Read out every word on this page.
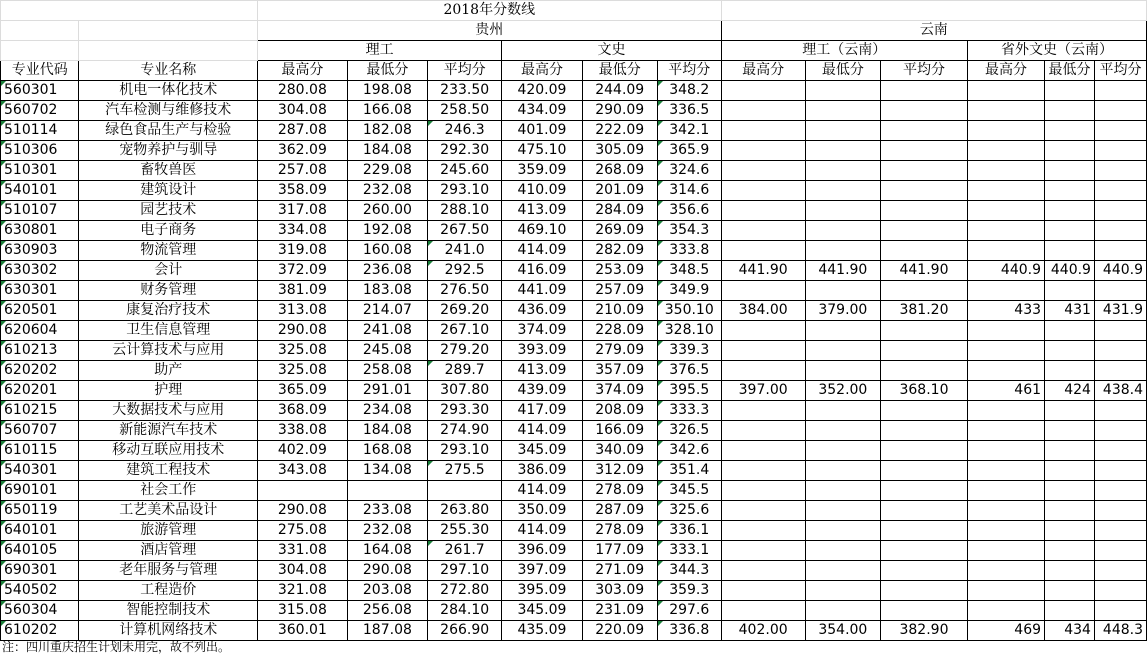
		2018年分数线											
		贵州						云南					
		理工			文史			理工（云南）			省外文史（云南）		
专业代码	专业名称	最高分	最低分	平均分	最高分	最低分	平均分	最高分	最低分	平均分	最高分	最低分	平均分
560301	机电一体化技术	280.08	198.08	233.50	420.09	244.09	348.2						
560702	汽车检测与维修技术	304.08	166.08	258.50	434.09	290.09	336.5						
510114	绿色食品生产与检验	287.08	182.08	246.3	401.09	222.09	342.1						
510306	宠物养护与驯导	362.09	184.08	292.30	475.10	305.09	365.9						
510301	畜牧兽医	257.08	229.08	245.60	359.09	268.09	324.6						
540101	建筑设计	358.09	232.08	293.10	410.09	201.09	314.6						
510107	园艺技术	317.08	260.00	288.10	413.09	284.09	356.6						
630801	电子商务	334.08	192.08	267.50	469.10	269.09	354.3						
630903	物流管理	319.08	160.08	241.0	414.09	282.09	333.8						
630302	会计	372.09	236.08	292.5	416.09	253.09	348.5	441.90	441.90	441.90	440.9	440.9	440.9
630301	财务管理	381.09	183.08	276.50	441.09	257.09	349.9						
620501	康复治疗技术	313.08	214.07	269.20	436.09	210.09	350.10	384.00	379.00	381.20	433	431	431.9
620604	卫生信息管理	290.08	241.08	267.10	374.09	228.09	328.10						
610213	云计算技术与应用	325.08	245.08	279.20	393.09	279.09	339.3						
620202	助产	325.08	258.08	289.7	413.09	357.09	376.5						
620201	护理	365.09	291.01	307.80	439.09	374.09	395.5	397.00	352.00	368.10	461	424	438.4
610215	大数据技术与应用	368.09	234.08	293.30	417.09	208.09	333.3						
560707	新能源汽车技术	338.08	184.08	274.90	414.09	166.09	326.5						
610115	移动互联应用技术	402.09	168.08	293.10	345.09	340.09	342.6						
540301	建筑工程技术	343.08	134.08	275.5	386.09	312.09	351.4						
690101	社会工作				414.09	278.09	345.5						
650119	工艺美术品设计	290.08	233.08	263.80	350.09	287.09	325.6						
640101	旅游管理	275.08	232.08	255.30	414.09	278.09	336.1						
640105	酒店管理	331.08	164.08	261.7	396.09	177.09	333.1						
690301	老年服务与管理	304.08	290.08	297.10	397.09	271.09	344.3						
540502	工程造价	321.08	203.08	272.80	395.09	303.09	359.3						
560304	智能控制技术	315.08	256.08	284.10	345.09	231.09	297.6						
610202	计算机网络技术	360.01	187.08	266.90	435.09	220.09	336.8	402.00	354.00	382.90	469	434	448.3
注：四川重庆招生计划未用完，故不列出。
